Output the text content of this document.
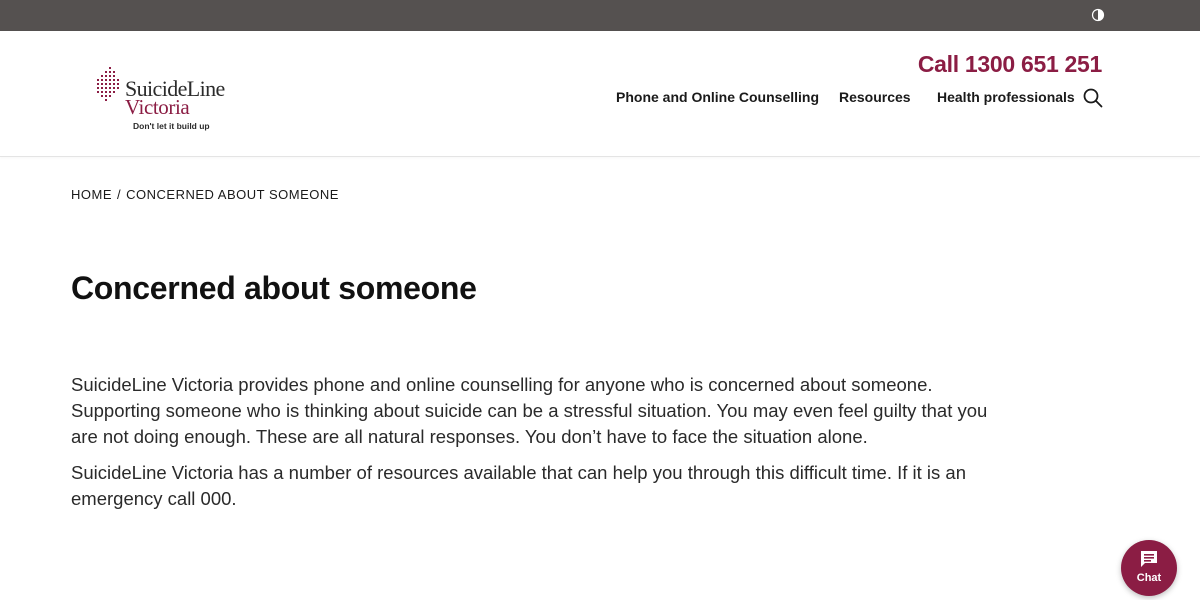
SuicideLine
Victoria
Don't let it build up
Call 1300 651 251
Phone and Online Counselling Resources Health professionals
HOME / CONCERNED ABOUT SOMEONE
Concerned about someone

SuicideLine Victoria provides phone and online counselling for anyone who is concerned about someone. Supporting someone who is thinking about suicide can be a stressful situation. You may even feel guilty that you are not doing enough. These are all natural responses. You don’t have to face the situation alone.

SuicideLine Victoria has a number of resources available that can help you through this difficult time. If it is an emergency call 000.

Chat
